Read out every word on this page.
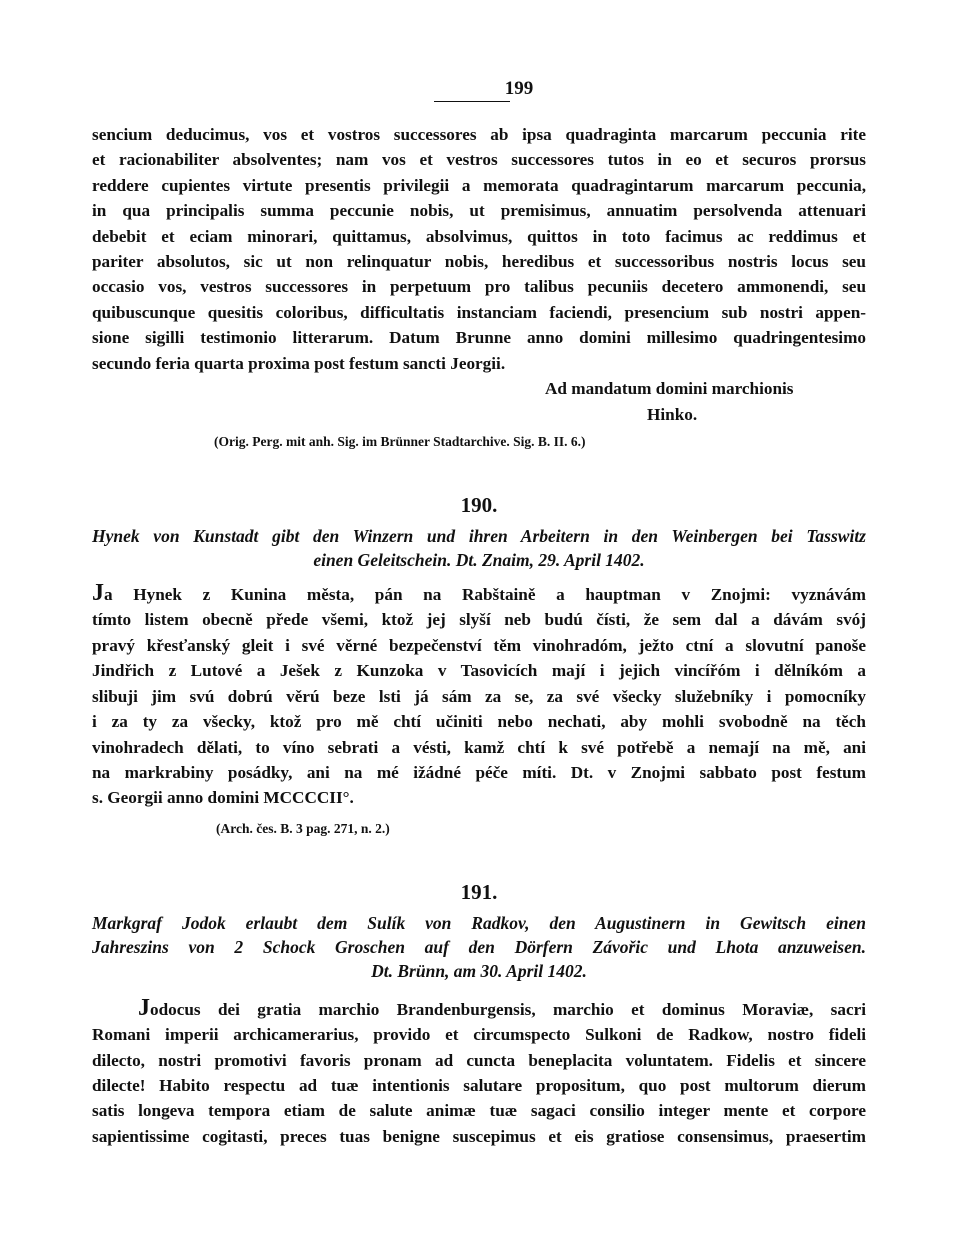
199
sencium deducimus, vos et vostros successores ab ipsa quadraginta marcarum peccunia rite
et racionabiliter absolventes; nam vos et vestros successores tutos in eo et securos prorsus
reddere cupientes virtute presentis privilegii a memorata quadragintarum marcarum peccunia,
in qua principalis summa peccunie nobis, ut premisimus, annuatim persolvenda attenuari
debebit et eciam minorari, quittamus, absolvimus, quittos in toto facimus ac reddimus et
pariter absolutos, sic ut non relinquatur nobis, heredibus et successoribus nostris locus seu
occasio vos, vestros successores in perpetuum pro talibus pecuniis decetero ammonendi, seu
quibuscunque quesitis coloribus, difficultatis instanciam faciendi, presencium sub nostri appen-
sione sigilli testimonio litterarum. Datum Brunne anno domini millesimo quadringentesimo
secundo feria quarta proxima post festum sancti Jeorgii.
Ad mandatum domini marchionis
Hinko.
(Orig. Perg. mit anh. Sig. im Brünner Stadtarchive. Sig. B. II. 6.)
190.
Hynek von Kunstadt gibt den Winzern und ihren Arbeitern in den Weinbergen bei Tasswitz
einen Geleitschein. Dt. Znaim, 29. April 1402.
Ja Hynek z Kunina města, pán na Rabštaině a hauptman v Znojmi: vyznávám
tímto listem obecně přede všemi, ktož jej slyší neb budú čísti, že sem dal a dávám svój
pravý křesťanský gleit i své věrné bezpečenství těm vinohradóm, ježto ctní a slovutní panoše
Jindřich z Lutové a Ješek z Kunzoka v Tasovicích mají i jejich vincířóm i dělníkóm a
slibuji jim svú dobrú věrú beze lsti já sám za se, za své všecky služebníky i pomocníky
i za ty za všecky, ktož pro mě chtí učiniti nebo nechati, aby mohli svobodně na těch
vinohradech dělati, to víno sebrati a vésti, kamž chtí k své potřebě a nemají na mě, ani
na markrabiny posádky, ani na mé ižádné péče míti. Dt. v Znojmi sabbato post festum
s. Georgii anno domini MCCCCII°.
(Arch. čes. B. 3 pag. 271, n. 2.)
191.
Markgraf Jodok erlaubt dem Sulík von Radkov, den Augustinern in Gewitsch einen
Jahreszins von 2 Schock Groschen auf den Dörfern Závořic und Lhota anzuweisen.
Dt. Brünn, am 30. April 1402.
Jodocus dei gratia marchio Brandenburgensis, marchio et dominus Moraviæ, sacri
Romani imperii archicamerarius, provido et circumspecto Sulkoni de Radkow, nostro fideli
dilecto, nostri promotivi favoris pronam ad cuncta beneplacita voluntatem. Fidelis et sincere
dilecte! Habito respectu ad tuæ intentionis salutare propositum, quo post multorum dierum
satis longeva tempora etiam de salute animæ tuæ sagaci consilio integer mente et corpore
sapientissime cogitasti, preces tuas benigne suscepimus et eis gratiose consensimus, praesertim
